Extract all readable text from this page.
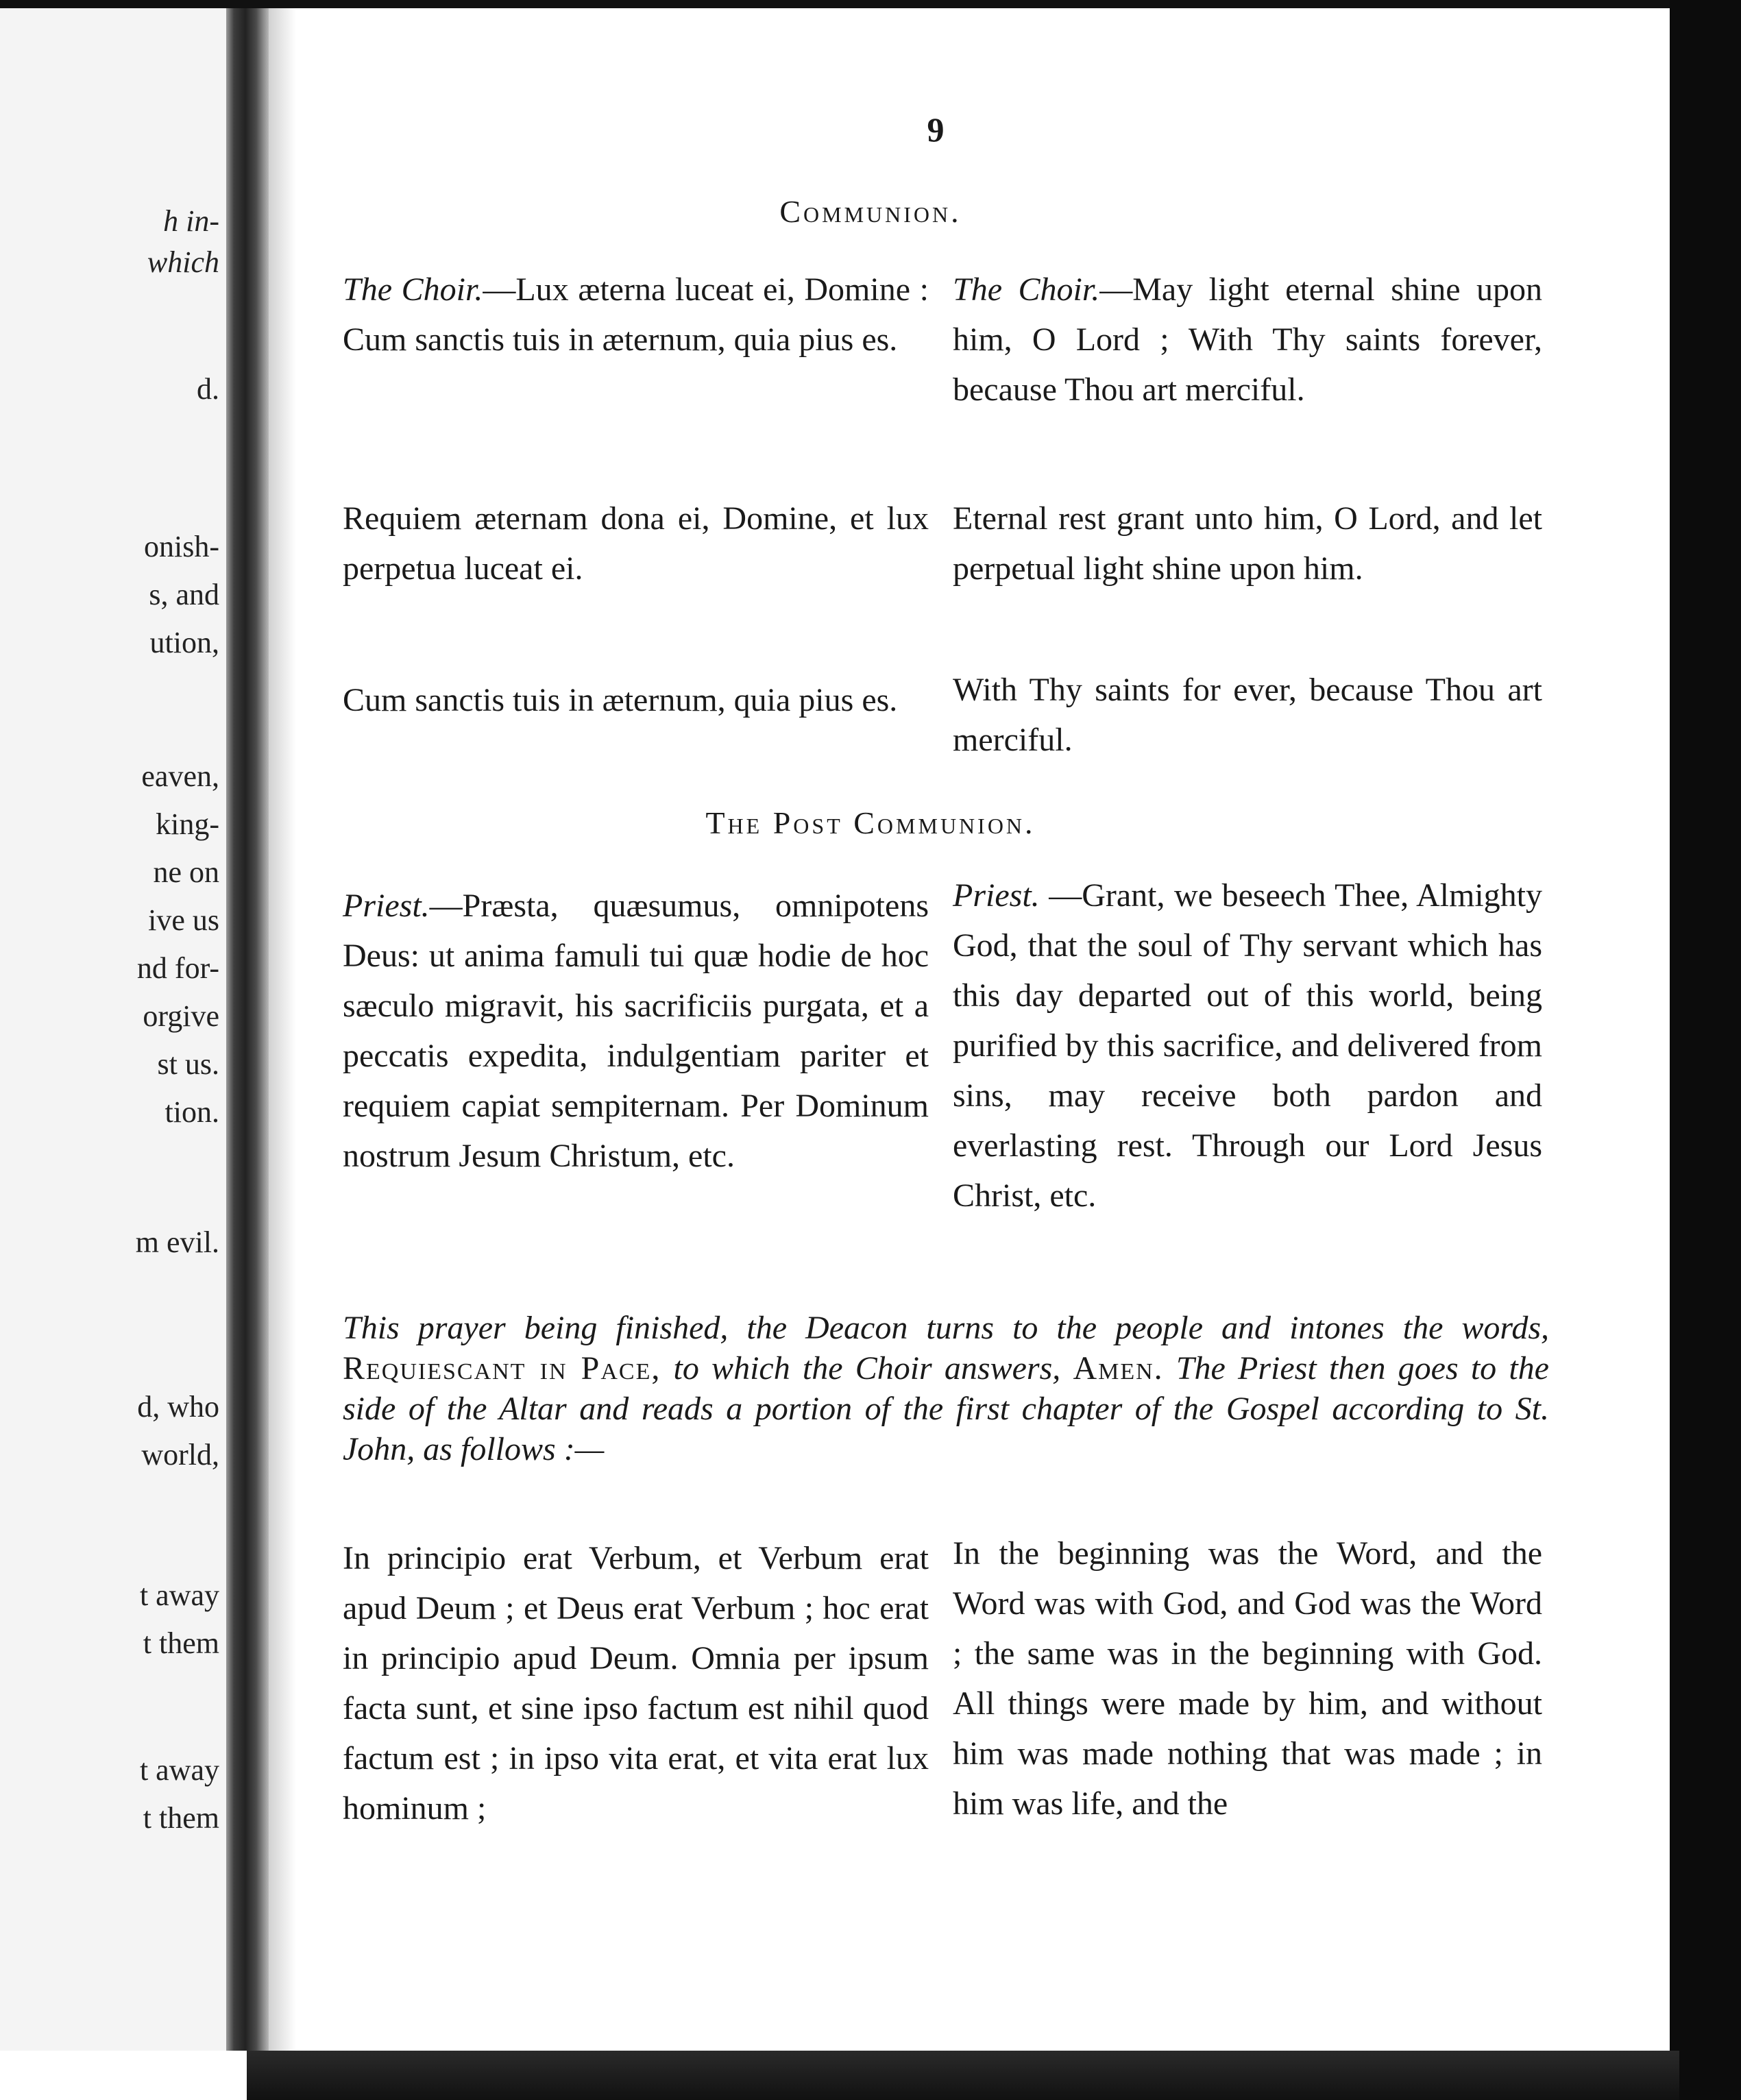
h in-
which
d.
onish-
s, and
ution,
eaven,
king-
ne on
ive us
nd for-
orgive
st us.
tion.
m evil.
d, who
world,
t away
t them
t away
t them
9
Communion.

The Choir.—Lux æterna luceat ei, Domine : Cum sanctis tuis in æternum, quia pius es.

The Choir.—May light eternal shine upon him, O Lord ; With Thy saints forever, because Thou art merciful.

Requiem æternam dona ei, Domine, et lux perpetua luceat ei.

Eternal rest grant unto him, O Lord, and let perpetual light shine upon him.

Cum sanctis tuis in æternum, quia pius es.	With Thy saints for ever, because Thou art merciful.

The Post Communion.

Priest.—Præsta, quæsumus, omnipotens Deus: ut anima famuli tui quæ hodie de hoc sæculo migravit, his sacrificiis purgata, et a peccatis expedita, indulgentiam pariter et requiem capiat sempiternam. Per Dominum nostrum Jesum Christum, etc.

Priest. —Grant, we beseech Thee, Almighty God, that the soul of Thy servant which has this day departed out of this world, being purified by this sacrifice, and delivered from sins, may receive both pardon and everlasting rest. Through our Lord Jesus Christ, etc.

This prayer being finished, the Deacon turns to the people and intones the words, Requiescant in Pace, to which the Choir answers, Amen. The Priest then goes to the side of the Altar and reads a portion of the first chapter of the Gospel according to St. John, as follows :—

In principio erat Verbum, et Verbum erat apud Deum ; et Deus erat Verbum ; hoc erat in principio apud Deum. Omnia per ipsum facta sunt, et sine ipso factum est nihil quod factum est ; in ipso vita erat, et vita erat lux hominum ;

In the beginning was the Word, and the Word was with God, and God was the Word ; the same was in the beginning with God. All things were made by him, and without him was made nothing that was made ; in him was life, and the
